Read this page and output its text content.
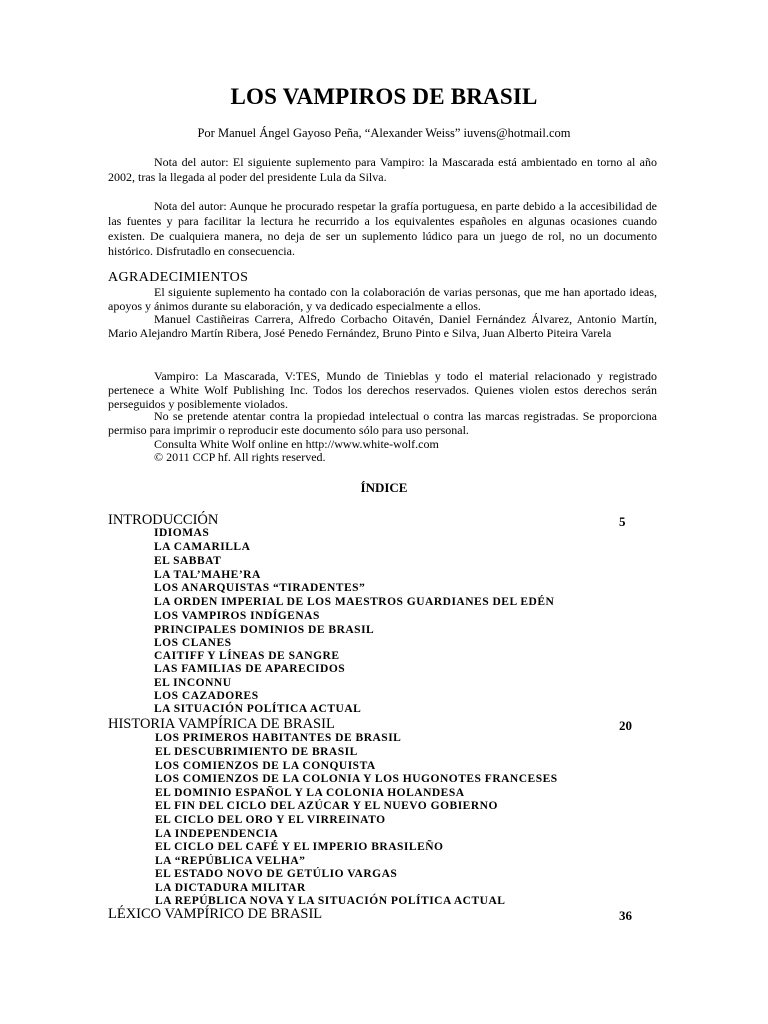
LOS VAMPIROS DE BRASIL
Por Manuel Ángel Gayoso Peña, “Alexander Weiss” iuvens@hotmail.com
Nota del autor: El siguiente suplemento para Vampiro: la Mascarada está ambientado en torno al año 2002, tras la llegada al poder del presidente Lula da Silva.
Nota del autor: Aunque he procurado respetar la grafía portuguesa, en parte debido a la accesibilidad de las fuentes y para facilitar la lectura he recurrido a los equivalentes españoles en algunas ocasiones cuando existen. De cualquiera manera, no deja de ser un suplemento lúdico para un juego de rol, no un documento histórico. Disfrutadlo en consecuencia.
AGRADECIMIENTOS
El siguiente suplemento ha contado con la colaboración de varias personas, que me han aportado ideas, apoyos y ánimos durante su elaboración, y va dedicado especialmente a ellos.
Manuel Castiñeiras Carrera, Alfredo Corbacho Oitavén, Daniel Fernández Álvarez, Antonio Martín, Mario Alejandro Martín Ribera, José Penedo Fernández, Bruno Pinto e Silva, Juan Alberto Piteira Varela
Vampiro: La Mascarada, V:TES, Mundo de Tinieblas y todo el material relacionado y registrado pertenece a White Wolf Publishing Inc. Todos los derechos reservados. Quienes violen estos derechos serán perseguidos y posiblemente violados.
No se pretende atentar contra la propiedad intelectual o contra las marcas registradas. Se proporciona permiso para imprimir o reproducir este documento sólo para uso personal.
Consulta White Wolf online en http://www.white-wolf.com
© 2011 CCP hf. All rights reserved.
ÍNDICE
INTRODUCCIÓN	5
IDIOMAS
LA CAMARILLA
EL SABBAT
LA TAL’MAHE’RA
LOS ANARQUISTAS “TIRADENTES”
LA ORDEN IMPERIAL DE LOS MAESTROS GUARDIANES DEL EDÉN
LOS VAMPIROS INDÍGENAS
PRINCIPALES DOMINIOS DE BRASIL
LOS CLANES
CAITIFF Y LÍNEAS DE SANGRE
LAS FAMILIAS DE APARECIDOS
EL INCONNU
LOS CAZADORES
LA SITUACIÓN POLÍTICA ACTUAL
HISTORIA VAMPÍRICA DE BRASIL	20
LOS PRIMEROS HABITANTES DE BRASIL
EL DESCUBRIMIENTO DE BRASIL
LOS COMIENZOS DE LA CONQUISTA
LOS COMIENZOS DE LA COLONIA Y LOS HUGONOTES FRANCESES
EL DOMINIO ESPAÑOL Y LA COLONIA HOLANDESA
EL FIN DEL CICLO DEL AZÚCAR Y EL NUEVO GOBIERNO
EL CICLO DEL ORO Y EL VIRREINATO
LA INDEPENDENCIA
EL CICLO DEL CAFÉ Y EL IMPERIO BRASILEÑO
LA “REPÚBLICA VELHA”
EL ESTADO NOVO DE GETÚLIO VARGAS
LA DICTADURA MILITAR
LA REPÚBLICA NOVA Y LA SITUACIÓN POLÍTICA ACTUAL
LÉXICO VAMPÍRICO DE BRASIL	36
